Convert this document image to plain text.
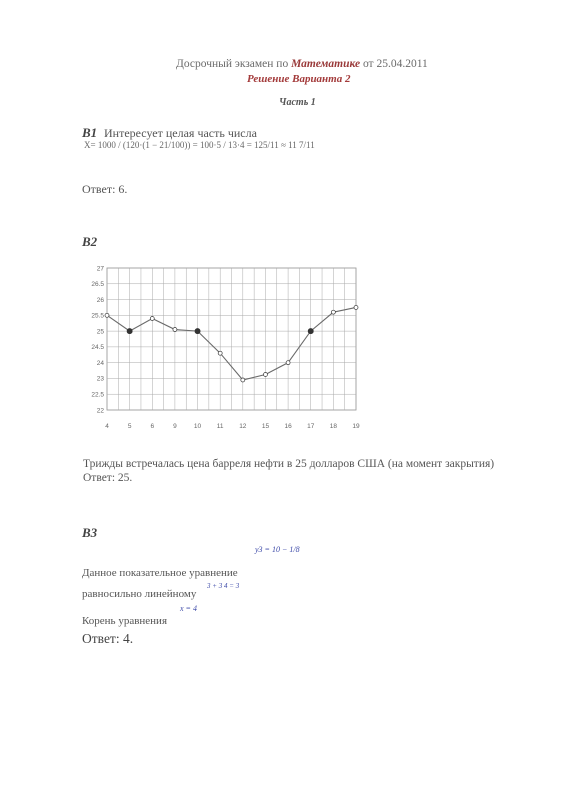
Досрочный экзамен по Математике от 25.04.2011
Решение Варианта 2
Часть 1
B1 Интересует целая часть числа
X= 1000 / (120·(1 − 21/100)) = 100·5 / 13·4 = 125/11 ≈ 11 7/11
Ответ: 6.
B2
27
26.5
26
25.5
25
24.5
24
23
22.5
22
4	5	6	9	10 11 12 15 16 17 18 19
Трижды встречалась цена барреля нефти в 25 долларов США (на момент закрытия)
Ответ: 25.
B3
y3 = 10 − 1/8
Данное показательное уравнение
3 + 3 4 = 3
равносильно линейному
x = 4
Корень уравнения
Ответ: 4.
